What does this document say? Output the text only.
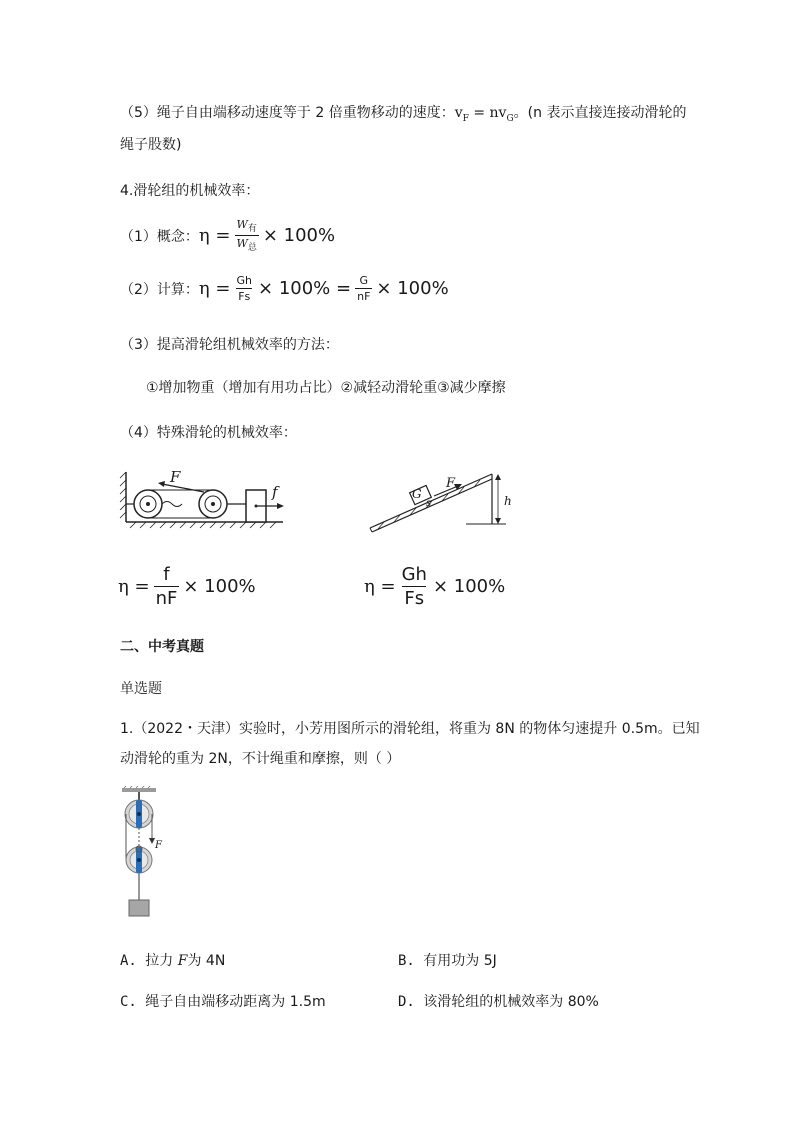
（5）绳子自由端移动速度等于 2 倍重物移动的速度：$v_F = nv_G$。(n 表示直接连接动滑轮的
绳子股数)
4.滑轮组的机械效率：
（1）概念： $\eta = \frac{W_有}{W_总} \times 100\%$
（2）计算： $\eta = \frac{Gh}{Fs} \times 100\% = \frac{G}{nF} \times 100\%$
（3）提高滑轮组机械效率的方法：
①增加物重（增加有用功占比）②减轻动滑轮重③减少摩擦
（4）特殊滑轮的机械效率：
F
f	G
F
s	h
$\eta = \frac{f}{nF} \times 100\%$	$\eta = \frac{Gh}{Fs} \times 100\%$
二、中考真题
单选题
1.（2022・天津）实验时，小芳用图所示的滑轮组，将重为 8N 的物体匀速提升 0.5m。已知
动滑轮的重为 2N，不计绳重和摩擦，则（ ）
F
A. 拉力 F为 4N	B. 有用功为 5J
C. 绳子自由端移动距离为 1.5m	D. 该滑轮组的机械效率为 80%
